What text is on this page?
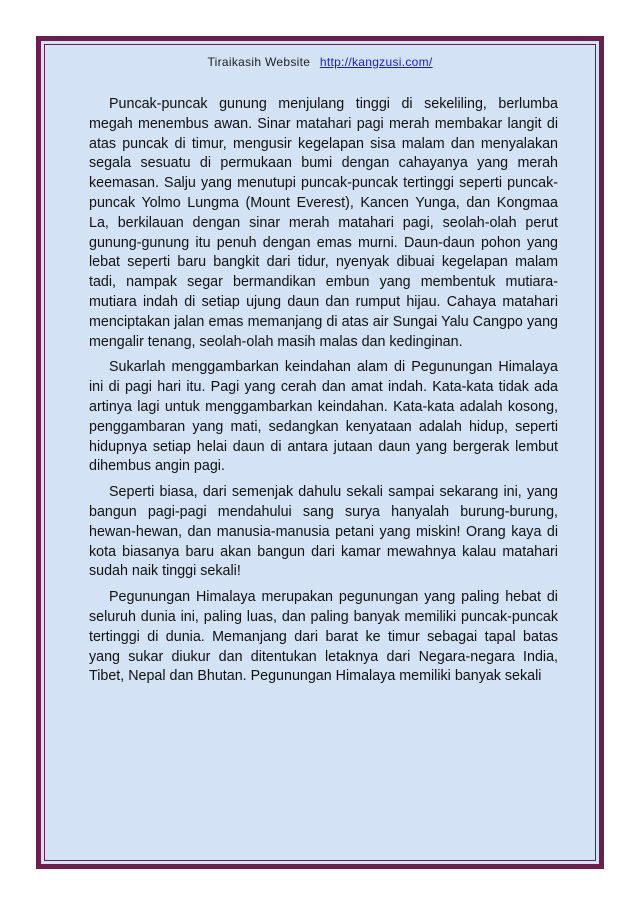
Tiraikasih Website http://kangzusi.com/

Puncak-puncak gunung menjulang tinggi di sekeliling, berlumba megah menembus awan. Sinar matahari pagi merah membakar langit di atas puncak di timur, mengusir kegelapan sisa malam dan menyalakan segala sesuatu di permukaan bumi dengan cahayanya yang merah keemasan. Salju yang menutupi puncak-puncak tertinggi seperti puncak-puncak Yolmo Lungma (Mount Everest), Kancen Yunga, dan Kongmaa La, berkilauan dengan sinar merah matahari pagi, seolah-olah perut gunung-gunung itu penuh dengan emas murni. Daun-daun pohon yang lebat seperti baru bangkit dari tidur, nyenyak dibuai kegelapan malam tadi, nampak segar bermandikan embun yang membentuk mutiara-mutiara indah di setiap ujung daun dan rumput hijau. Cahaya matahari menciptakan jalan emas memanjang di atas air Sungai Yalu Cangpo yang mengalir tenang, seolah-olah masih malas dan kedinginan.

Sukarlah menggambarkan keindahan alam di Pegunungan Himalaya ini di pagi hari itu. Pagi yang cerah dan amat indah. Kata-kata tidak ada artinya lagi untuk menggambarkan keindahan. Kata-kata adalah kosong, penggambaran yang mati, sedangkan kenyataan adalah hidup, seperti hidupnya setiap helai daun di antara jutaan daun yang bergerak lembut dihembus angin pagi.

Seperti biasa, dari semenjak dahulu sekali sampai sekarang ini, yang bangun pagi-pagi mendahului sang surya hanyalah burung-burung, hewan-hewan, dan manusia-manusia petani yang miskin! Orang kaya di kota biasanya baru akan bangun dari kamar mewahnya kalau matahari sudah naik tinggi sekali!

Pegunungan Himalaya merupakan pegunungan yang paling hebat di seluruh dunia ini, paling luas, dan paling banyak memiliki puncak-puncak tertinggi di dunia. Memanjang dari barat ke timur sebagai tapal batas yang sukar diukur dan ditentukan letaknya dari Negara-negara India, Tibet, Nepal dan Bhutan. Pegunungan Himalaya memiliki banyak sekali
